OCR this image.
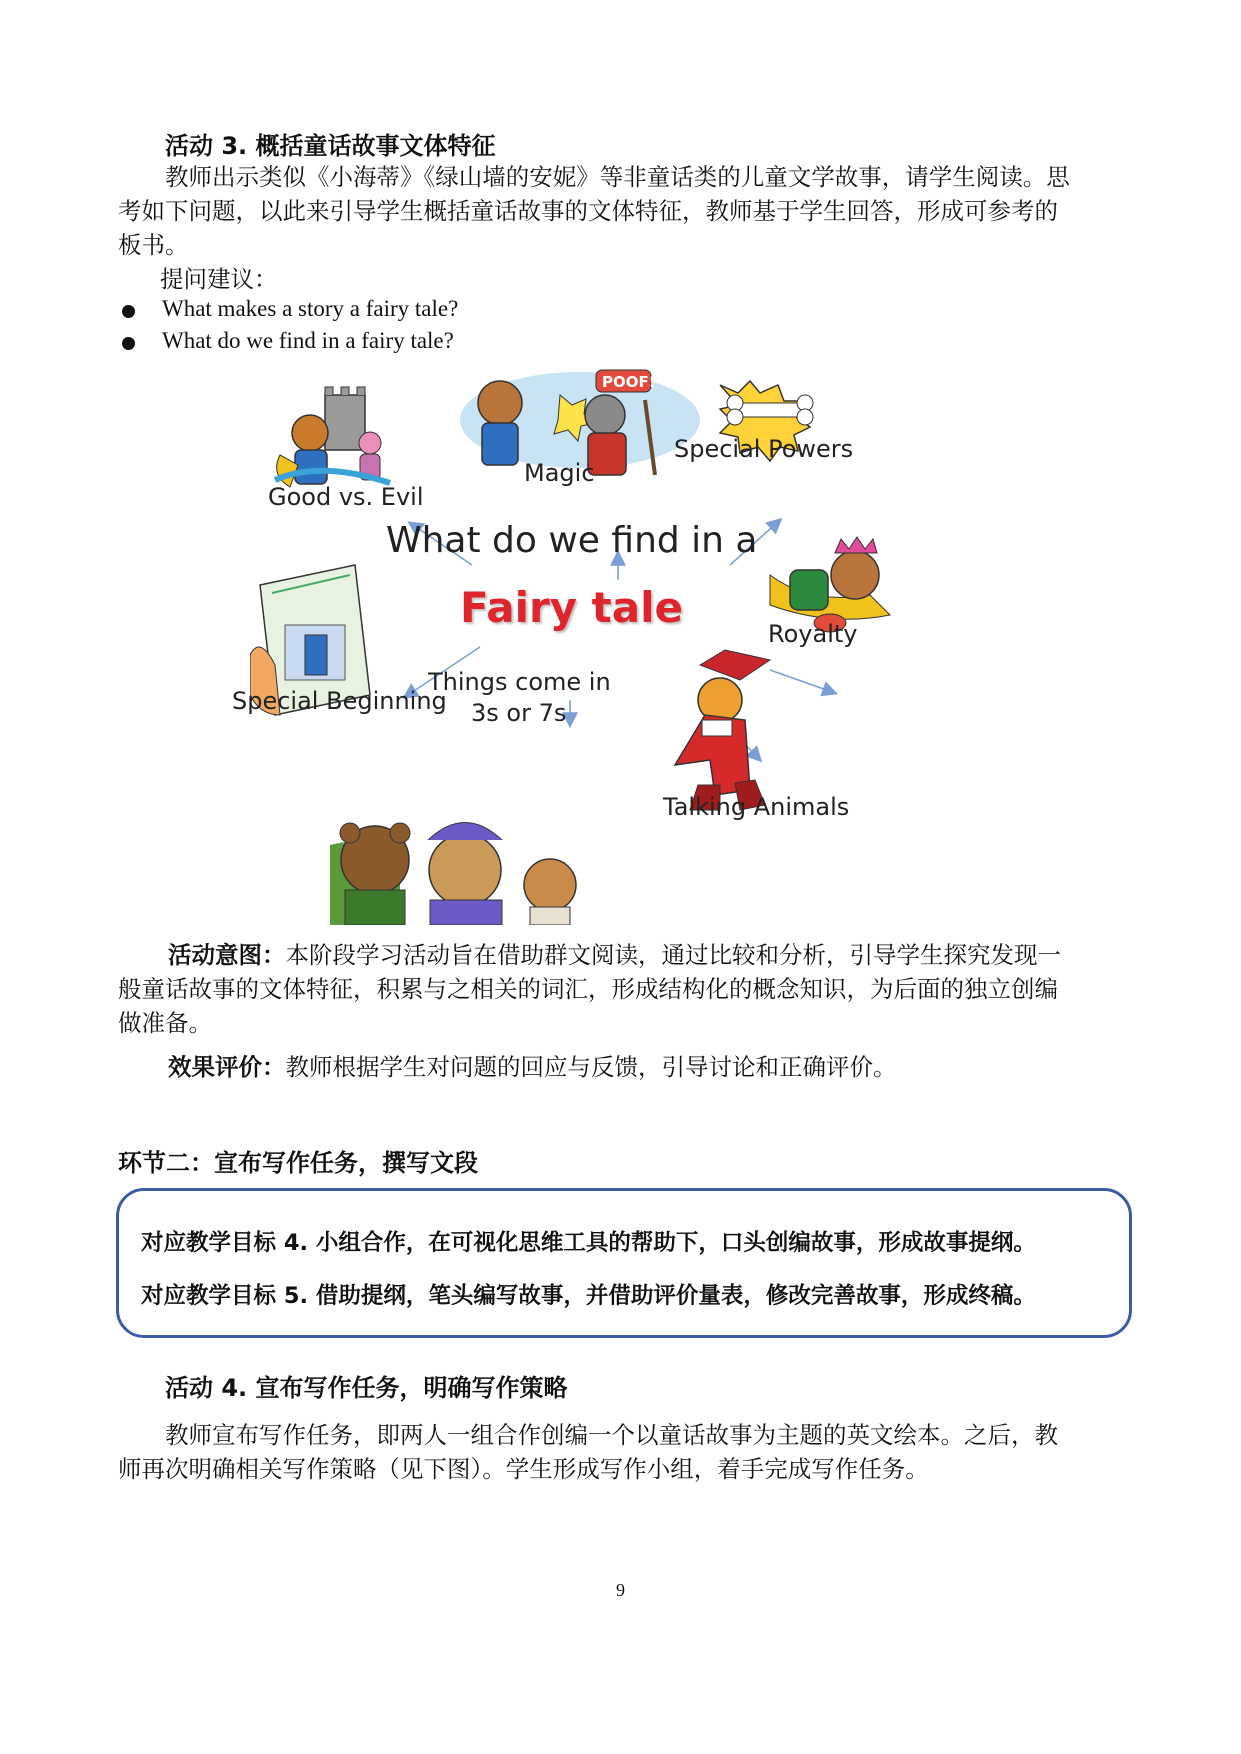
活动 3. 概括童话故事文体特征
教师出示类似《小海蒂》《绿山墙的安妮》等非童话类的儿童文学故事，请学生阅读。思
考如下问题，以此来引导学生概括童话故事的文体特征，教师基于学生回答，形成可参考的
板书。
提问建议：
What makes a story a fairy tale?
What do we find in a fairy tale?
POOF!
Good vs. Evil
Magic
Special Powers
What do we find in a
Fairy tale
Royalty
Special Beginning
Things come in
3s or 7s
Talking Animals
活动意图：本阶段学习活动旨在借助群文阅读，通过比较和分析，引导学生探究发现一
般童话故事的文体特征，积累与之相关的词汇，形成结构化的概念知识，为后面的独立创编
做准备。
效果评价：教师根据学生对问题的回应与反馈，引导讨论和正确评价。
环节二：宣布写作任务，撰写文段
对应教学目标 4. 小组合作，在可视化思维工具的帮助下，口头创编故事，形成故事提纲。
对应教学目标 5. 借助提纲，笔头编写故事，并借助评价量表，修改完善故事，形成终稿。
活动 4. 宣布写作任务，明确写作策略
教师宣布写作任务，即两人一组合作创编一个以童话故事为主题的英文绘本。之后，教
师再次明确相关写作策略（见下图）。学生形成写作小组，着手完成写作任务。
9
